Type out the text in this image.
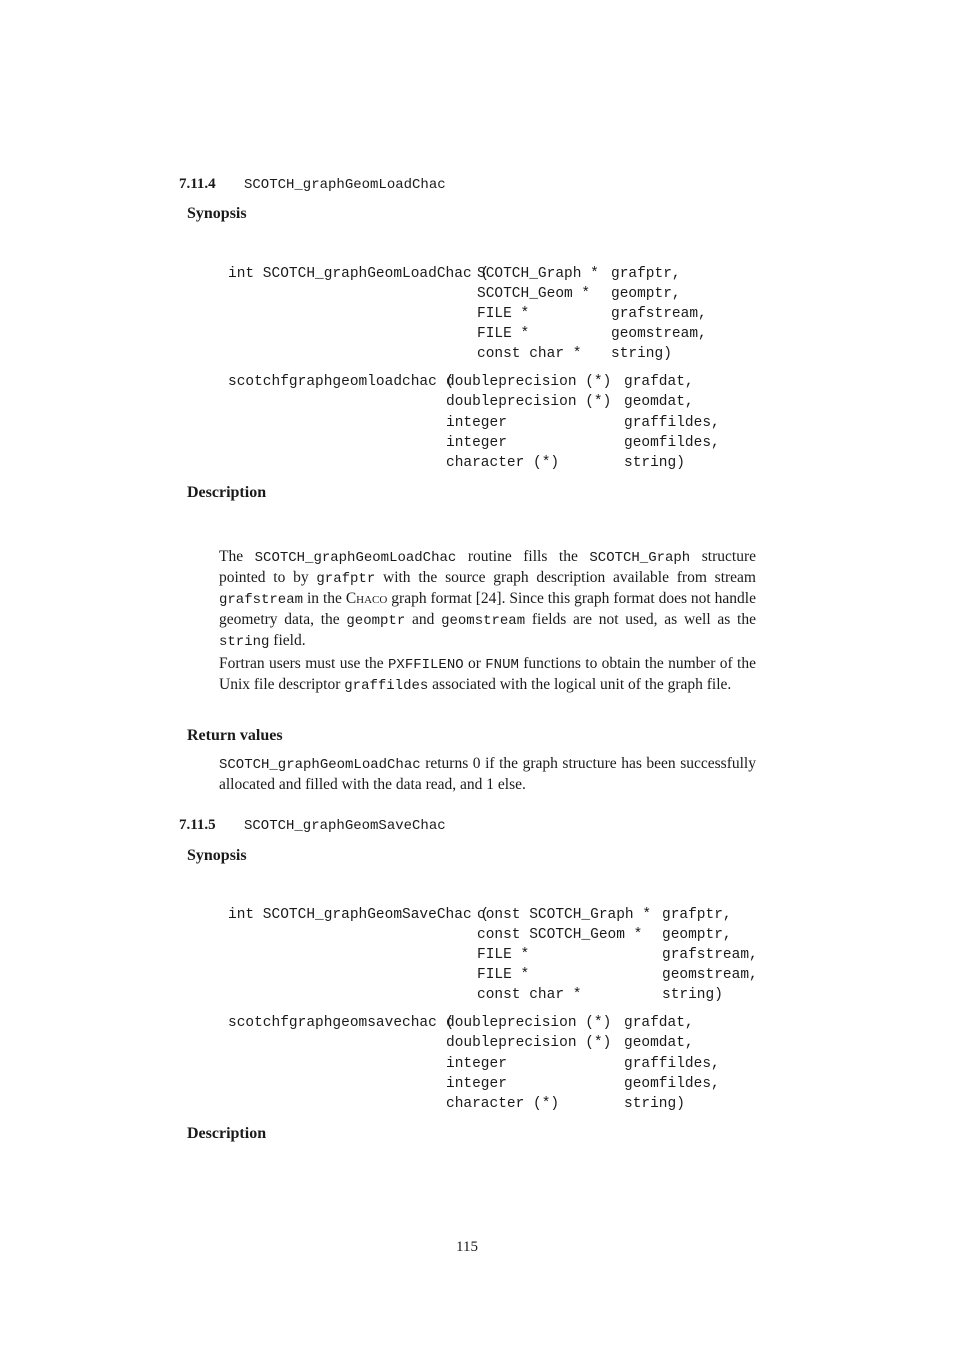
7.11.4 SCOTCH_graphGeomLoadChac
Synopsis
int SCOTCH_graphGeomLoadChac (
SCOTCH_Graph *
SCOTCH_Geom *
FILE *
FILE *
const char *
grafptr,
geomptr,
grafstream,
geomstream,
string)
scotchfgraphgeomloadchac (
doubleprecision (*)
doubleprecision (*)
integer
integer
character (*)
grafdat,
geomdat,
graffildes,
geomfildes,
string)
Description

The SCOTCH_graphGeomLoadChac routine fills the SCOTCH_Graph structure pointed to by grafptr with the source graph description available from stream grafstream in the Chaco graph format [24]. Since this graph format does not handle geometry data, the geomptr and geomstream fields are not used, as well as the string field.

Fortran users must use the PXFFILENO or FNUM functions to obtain the number of the Unix file descriptor graffildes associated with the logical unit of the graph file.

Return values

SCOTCH_graphGeomLoadChac returns 0 if the graph structure has been successfully allocated and filled with the data read, and 1 else.

7.11.5 SCOTCH_graphGeomSaveChac
Synopsis
int SCOTCH_graphGeomSaveChac (
const SCOTCH_Graph *
const SCOTCH_Geom *
FILE *
FILE *
const char *
grafptr,
geomptr,
grafstream,
geomstream,
string)
scotchfgraphgeomsavechac (
doubleprecision (*)
doubleprecision (*)
integer
integer
character (*)
grafdat,
geomdat,
graffildes,
geomfildes,
string)
Description
115
